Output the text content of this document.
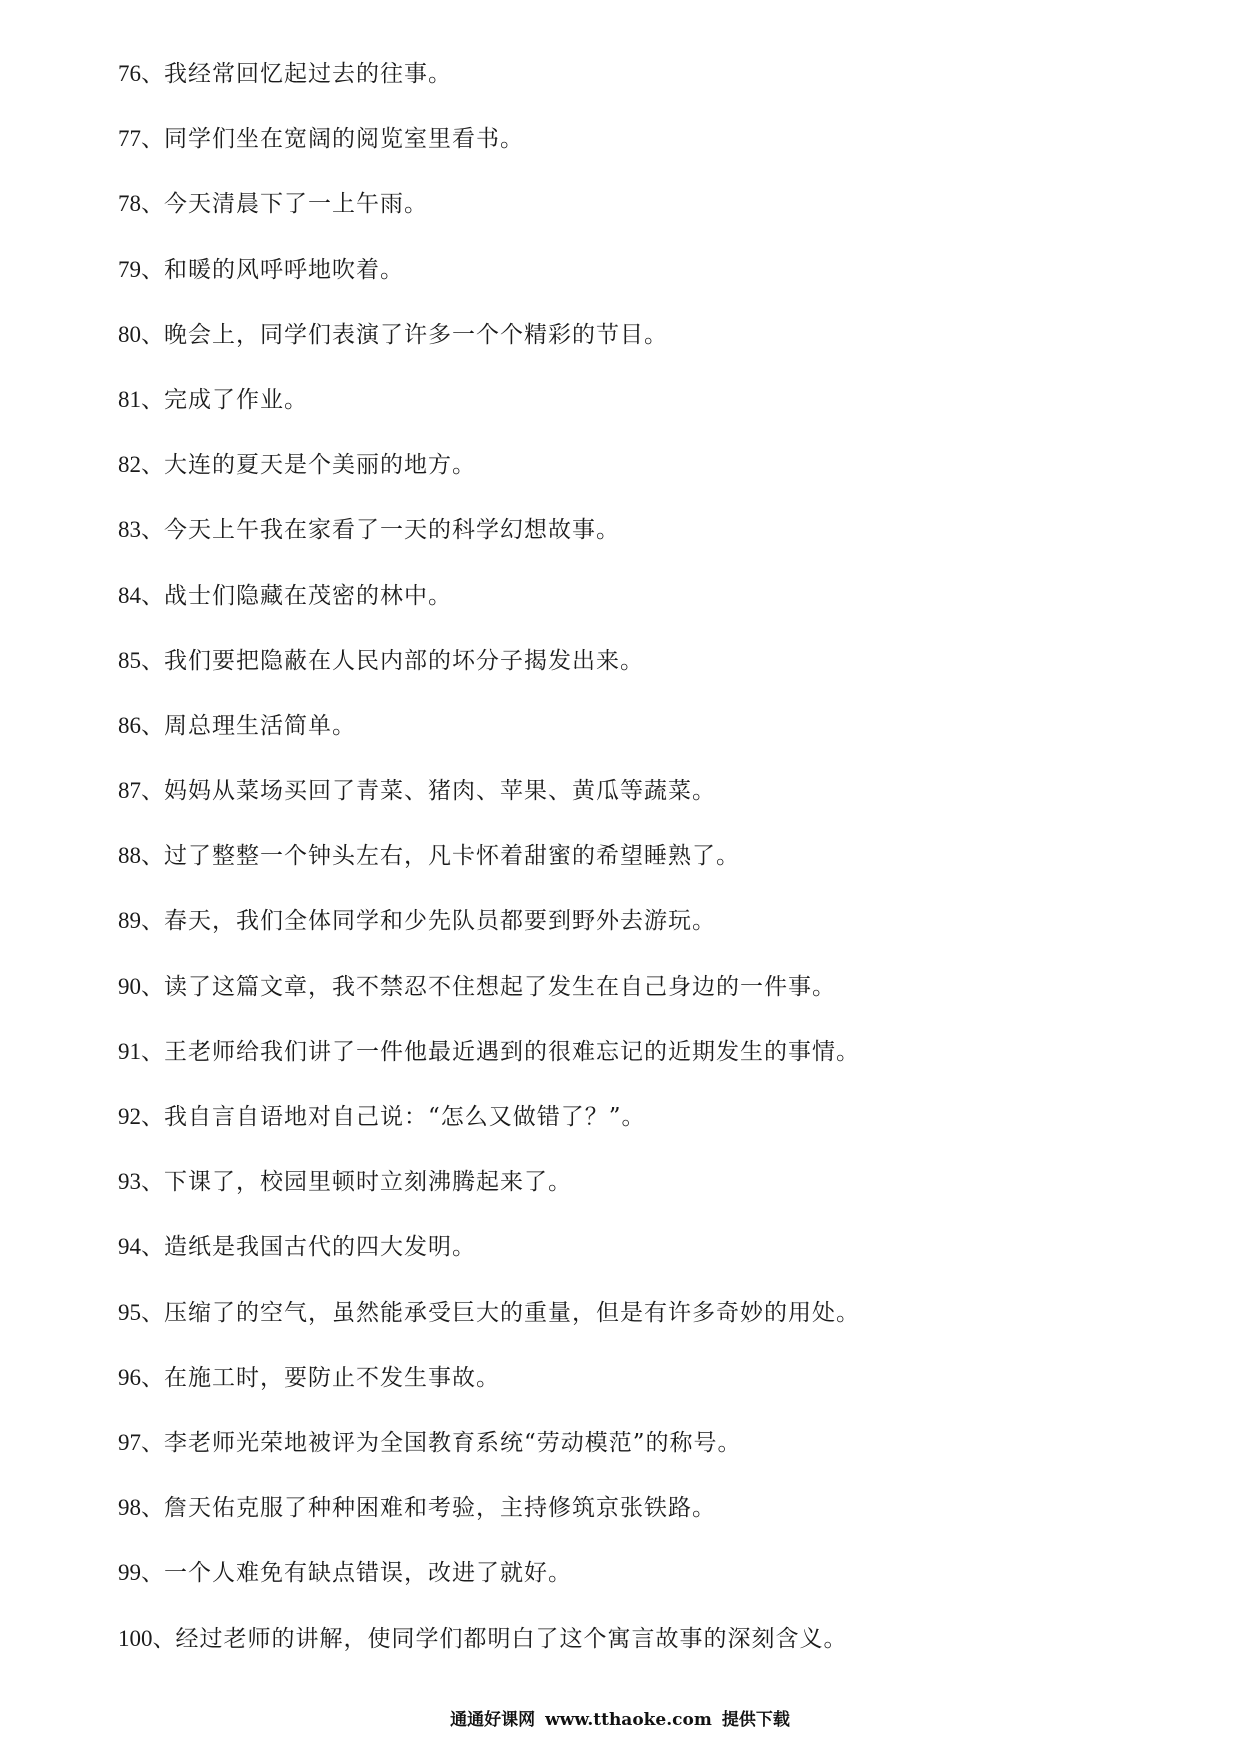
76 、 我经常回忆起过去的往事。
77 、 同学们坐在宽阔的阅览室里看书。
78 、 今天清晨下了一上午雨。
79 、 和暖的风呼呼地吹着。
80 、 晚会上，同学们表演了许多一个个精彩的节目。
81 、 完成了作业。
82 、 大连的夏天是个美丽的地方。
83 、 今天上午我在家看了一天的科学幻想故事。
84 、 战士们隐藏在茂密的林中。
85 、 我们要把隐蔽在人民内部的坏分子揭发出来。
86 、 周总理生活简单。
87 、 妈妈从菜场买回了青菜、猪肉、苹果、黄瓜等蔬菜。
88 、 过了整整一个钟头左右，凡卡怀着甜蜜的希望睡熟了。
89 、 春天，我们全体同学和少先队员都要到野外去游玩。
90 、 读了这篇文章，我不禁忍不住想起了发生在自己身边的一件事。
91 、 王老师给我们讲了一件他最近遇到的很难忘记的近期发生的事情。
92 、 我自言自语地对自己说：“怎么又做错了？”。
93 、 下课了，校园里顿时立刻沸腾起来了。
94 、 造纸是我国古代的四大发明。
95 、 压缩了的空气，虽然能承受巨大的重量，但是有许多奇妙的用处。
96 、 在施工时，要防止不发生事故。
97 、 李老师光荣地被评为全国教育系统“劳动模范”的称号。
98 、 詹天佑克服了种种困难和考验，主持修筑京张铁路。
99 、 一个人难免有缺点错误，改进了就好。
100 、 经过老师的讲解，使同学们都明白了这个寓言故事的深刻含义。
通通好课网 www.tthaoke.com 提供下载
